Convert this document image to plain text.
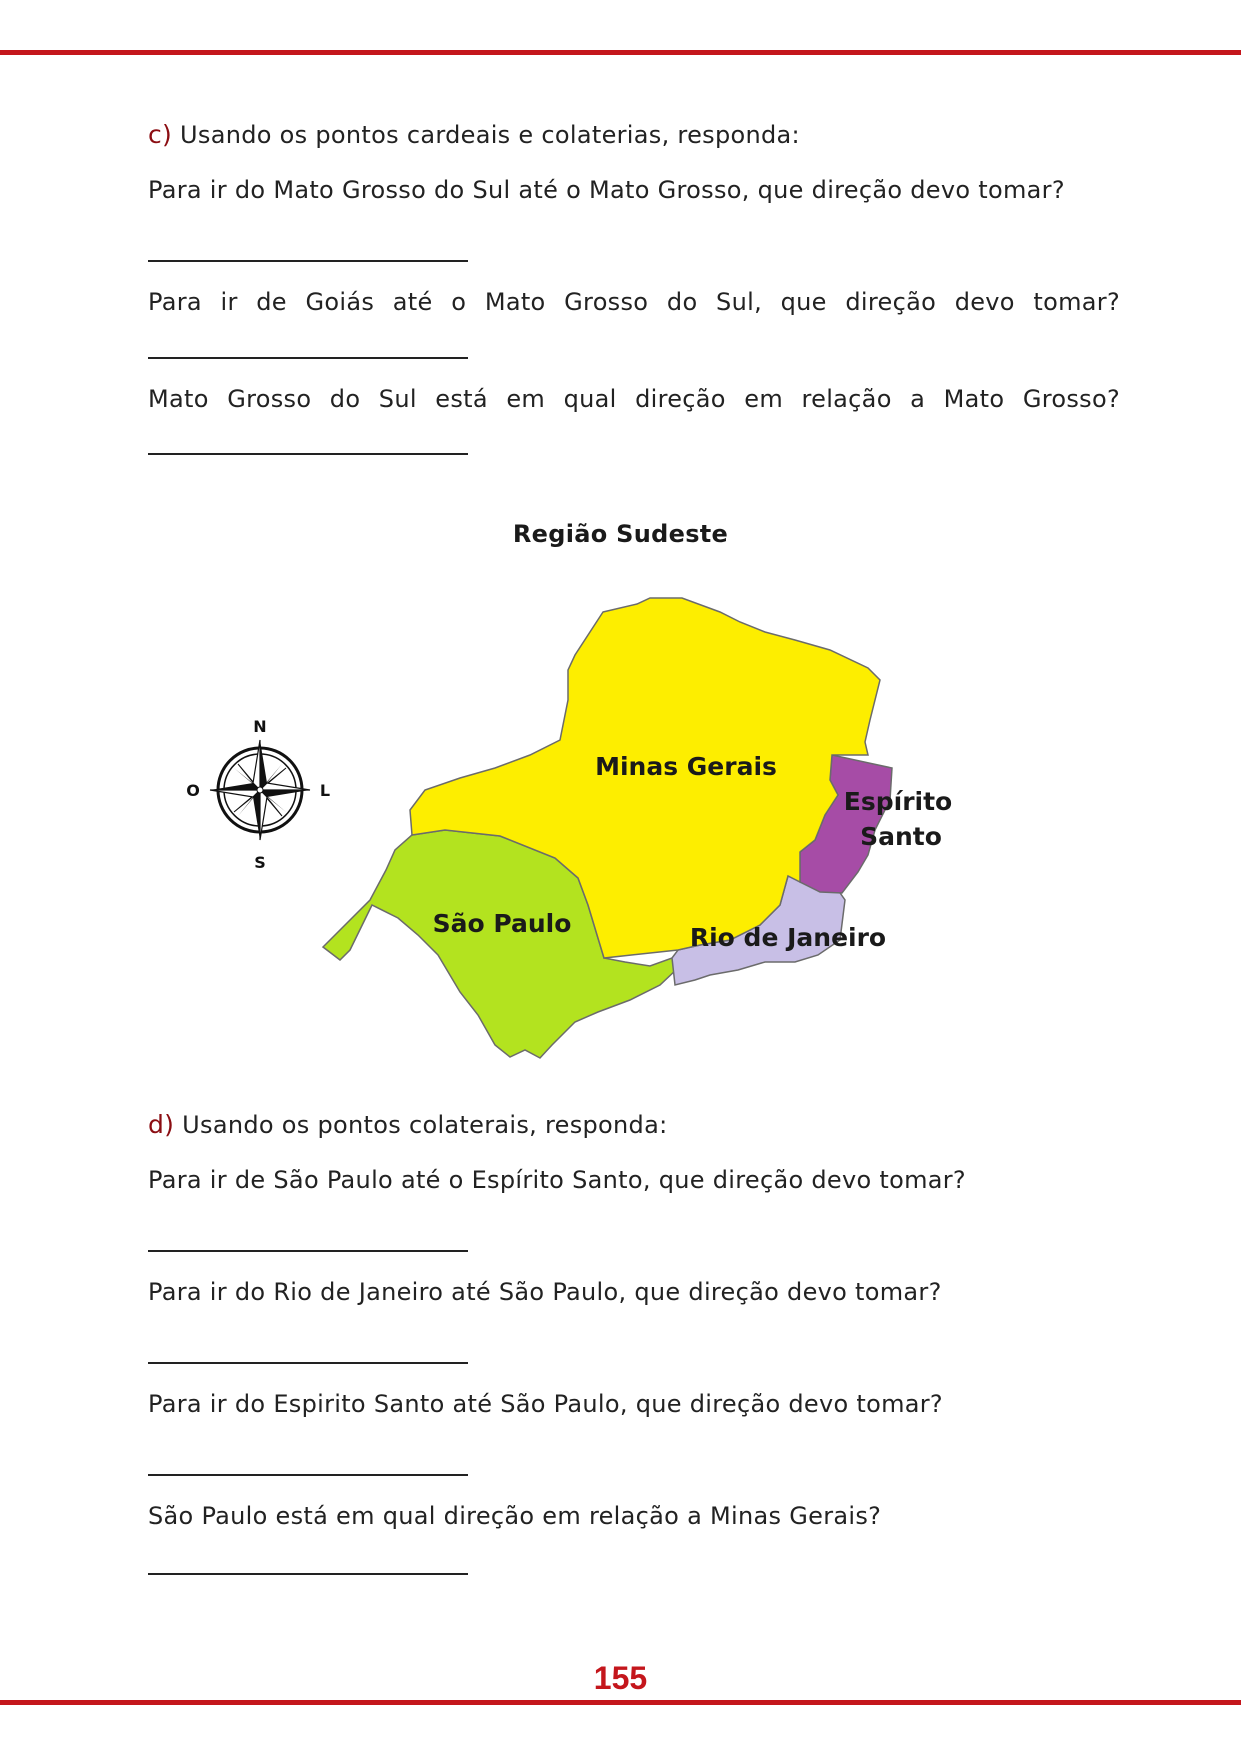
c) Usando os pontos cardeais e colaterias, responda:
Para ir do Mato Grosso do Sul até o Mato Grosso, que direção devo tomar?
Para ir de Goiás até o Mato Grosso do Sul, que direção devo tomar?
Mato Grosso do Sul está em qual direção em relação a Mato Grosso?
Região Sudeste
Minas Gerais
São Paulo
Espírito
Santo
Rio de Janeiro
N
S
L
O
d) Usando os pontos colaterais, responda:
Para ir de São Paulo até o Espírito Santo, que direção devo tomar?
Para ir do Rio de Janeiro até São Paulo, que direção devo tomar?
Para ir do Espirito Santo até São Paulo, que direção devo tomar?
São Paulo está em qual direção em relação a Minas Gerais?
155
